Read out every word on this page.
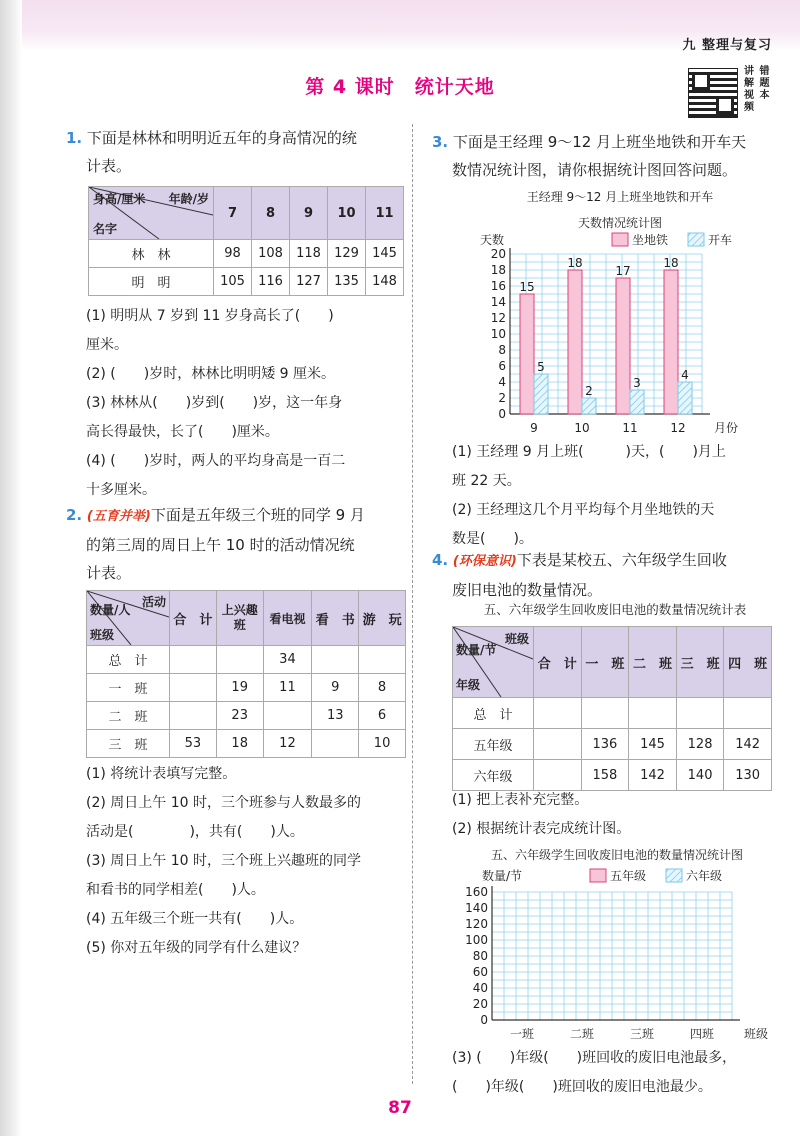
九 整理与复习
第 4 课时 统计天地
讲解视频 错题本
1. 下面是林林和明明近五年的身高情况的统
计表。
年龄/岁
身高/厘米
名字	7	8	9	10	11
林　林	98	108	118	129	145
明　明	105	116	127	135	148
(1) 明明从 7 岁到 11 岁身高长了(　　)
厘米。
(2) (　　)岁时，林林比明明矮 9 厘米。
(3) 林林从(　　)岁到(　　)岁，这一年身
高长得最快，长了(　　)厘米。
(4) (　　)岁时，两人的平均身高是一百二
十多厘米。
2. (五育并举)下面是五年级三个班的同学 9 月
的第三周的周日上午 10 时的活动情况统
计表。
活动
数量/人
班级	合　计	上兴趣班	看电视	看　书	游　玩
总　计			34		
一　班		19	11	9	8
二　班		23		13	6
三　班	53	18	12		10
(1) 将统计表填写完整。
(2) 周日上午 10 时，三个班参与人数最多的
活动是(　　　　)，共有(　　)人。
(3) 周日上午 10 时，三个班上兴趣班的同学
和看书的同学相差(　　)人。
(4) 五年级三个班一共有(　　)人。
(5) 你对五年级的同学有什么建议？
3. 下面是王经理 9～12 月上班坐地铁和开车天
数情况统计图，请你根据统计图回答问题。
王经理 9～12 月上班坐地铁和开车
天数情况统计图
0
2
4
6
8
10
12
14
16
18
20
天数
9	10	11	12 月份
15
18
17
18
5
2
3
4
坐地铁	开车
(1) 王经理 9 月上班(　　　)天，(　　)月上
班 22 天。
(2) 王经理这几个月平均每个月坐地铁的天
数是(　　)。
4. (环保意识)下表是某校五、六年级学生回收
废旧电池的数量情况。
五、六年级学生回收废旧电池的数量情况统计表
班级
数量/节
年级	合　计	一　班	二　班	三　班	四　班
总　计					
五年级		136	145	128	142
六年级		158	142	140	130
(1) 把上表补充完整。
(2) 根据统计表完成统计图。
五、六年级学生回收废旧电池的数量情况统计图
0
20
40
60
80
100
120
140
160
数量/节
一班	二班	三班	四班 班级
五年级	六年级
(3) (　　)年级(　　)班回收的废旧电池最多，
(　　)年级(　　)班回收的废旧电池最少。
87
